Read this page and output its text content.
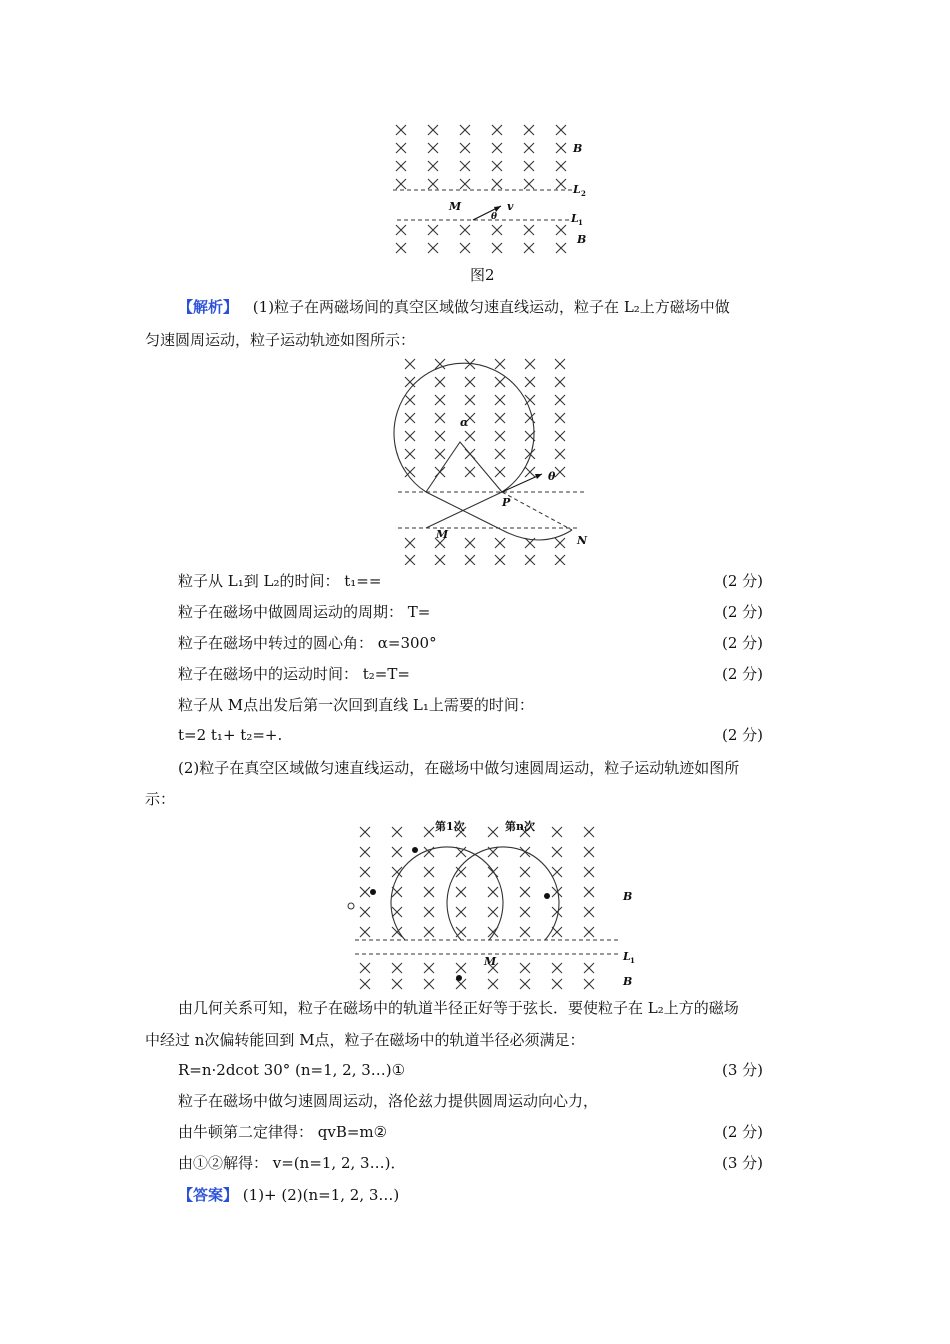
B
L 2
M	v
θ	L 1
B
图2
【解析】 (1)粒子在两磁场间的真空区域做匀速直线运动，粒子在 L₂上方磁场中做
匀速圆周运动，粒子运动轨迹如图所示：
α
θ
P
M	N
粒子从 L₁到 L₂的时间： t₁==	(2 分)
粒子在磁场中做圆周运动的周期： T=	(2 分)
粒子在磁场中转过的圆心角： α=300°	(2 分)
粒子在磁场中的运动时间： t₂=T=	(2 分)
粒子从 M点出发后第一次回到直线 L₁上需要的时间：
t=2 t₁+ t₂=+.	(2 分)
(2)粒子在真空区域做匀速直线运动，在磁场中做匀速圆周运动，粒子运动轨迹如图所
示：
第1次	第n次
B
M	L 1
B
由几何关系可知，粒子在磁场中的轨道半径正好等于弦长．要使粒子在 L₂上方的磁场
中经过 n次偏转能回到 M点，粒子在磁场中的轨道半径必须满足：
R=n·2dcot 30° (n=1, 2, 3…)①	(3 分)
粒子在磁场中做匀速圆周运动，洛伦兹力提供圆周运动向心力，
由牛顿第二定律得： qvB=m②	(2 分)
由①②解得： v=(n=1, 2, 3…)．	(3 分)
【答案】 (1)+ (2)(n=1, 2, 3…)
